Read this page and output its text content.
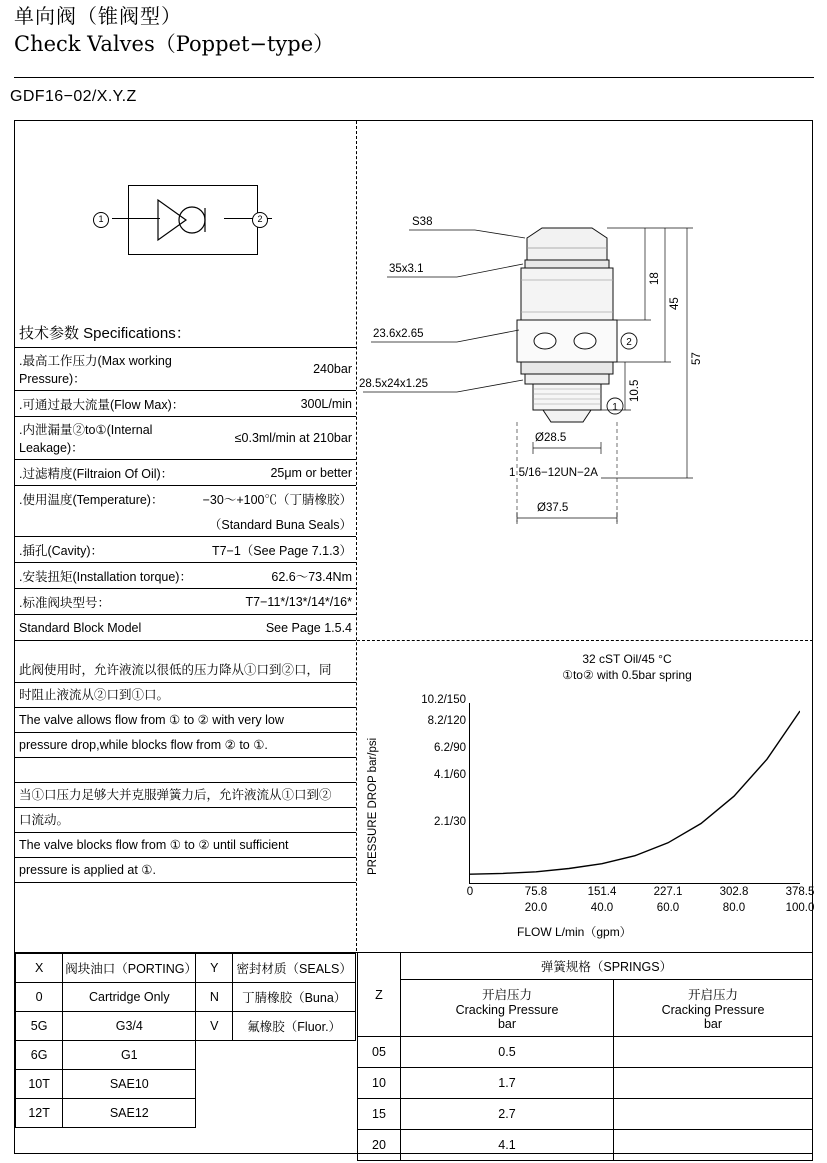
单向阀（锥阀型）
Check Valves（Poppet−type）
GDF16−02/X.Y.Z
1	2
技术参数 Specifications：	
.最高工作压力(Max working Pressure)：	240bar
.可通过最大流量(Flow Max)：	300L/min
.内泄漏量②to①(Internal Leakage)：	≤0.3ml/min at 210bar
.过滤精度(Filtraion Of Oil)：	25μm or better
.使用温度(Temperature)：	−30～+100℃（丁腈橡胶）
	（Standard Buna Seals）
.插孔(Cavity)：	T7−1（See Page 7.1.3）
.安装扭矩(Installation torque)：	62.6～73.4Nm
.标准阀块型号：	T7−11*/13*/14*/16*
Standard Block Model	See Page 1.5.4
此阀使用时，允许液流以很低的压力降从①口到②口，同
时阻止液流从②口到①口。
The valve allows flow from ① to ② with very low
pressure drop,while blocks flow from ② to ①.
当①口压力足够大并克服弹簧力后，允许液流从①口到②
口流动。
The valve blocks flow from ① to ② until sufficient
pressure is applied at ①.
2
1
S38
35x3.1
23.6x2.65
28.5x24x1.25
Ø28.5
1 5/16−12UN−2A
Ø37.5
18
45
57
10.5
32 cST Oil/45 °C
①to② with 0.5bar spring
PRESSURE DROP bar/psi
FLOW L/min（gpm）
2.1/30
4.1/60
6.2/90
8.2/120
10.2/150
0	75.8	151.4	227.1	302.8	378.5
20.0	40.0	60.0	80.0	100.0
X	阀块油口（PORTING）	Y	密封材质（SEALS）
0	Cartridge Only	N	丁腈橡胶（Buna）
5G	G3/4	V	氟橡胶（Fluor.）
6G	G1		
10T	SAE10		
12T	SAE12		
Z	弹簧规格（SPRINGS）	

开启压力
Cracking Pressure
bar

开启压力
Cracking Pressure
bar

05	0.5	
10	1.7	
15	2.7	
20	4.1	
